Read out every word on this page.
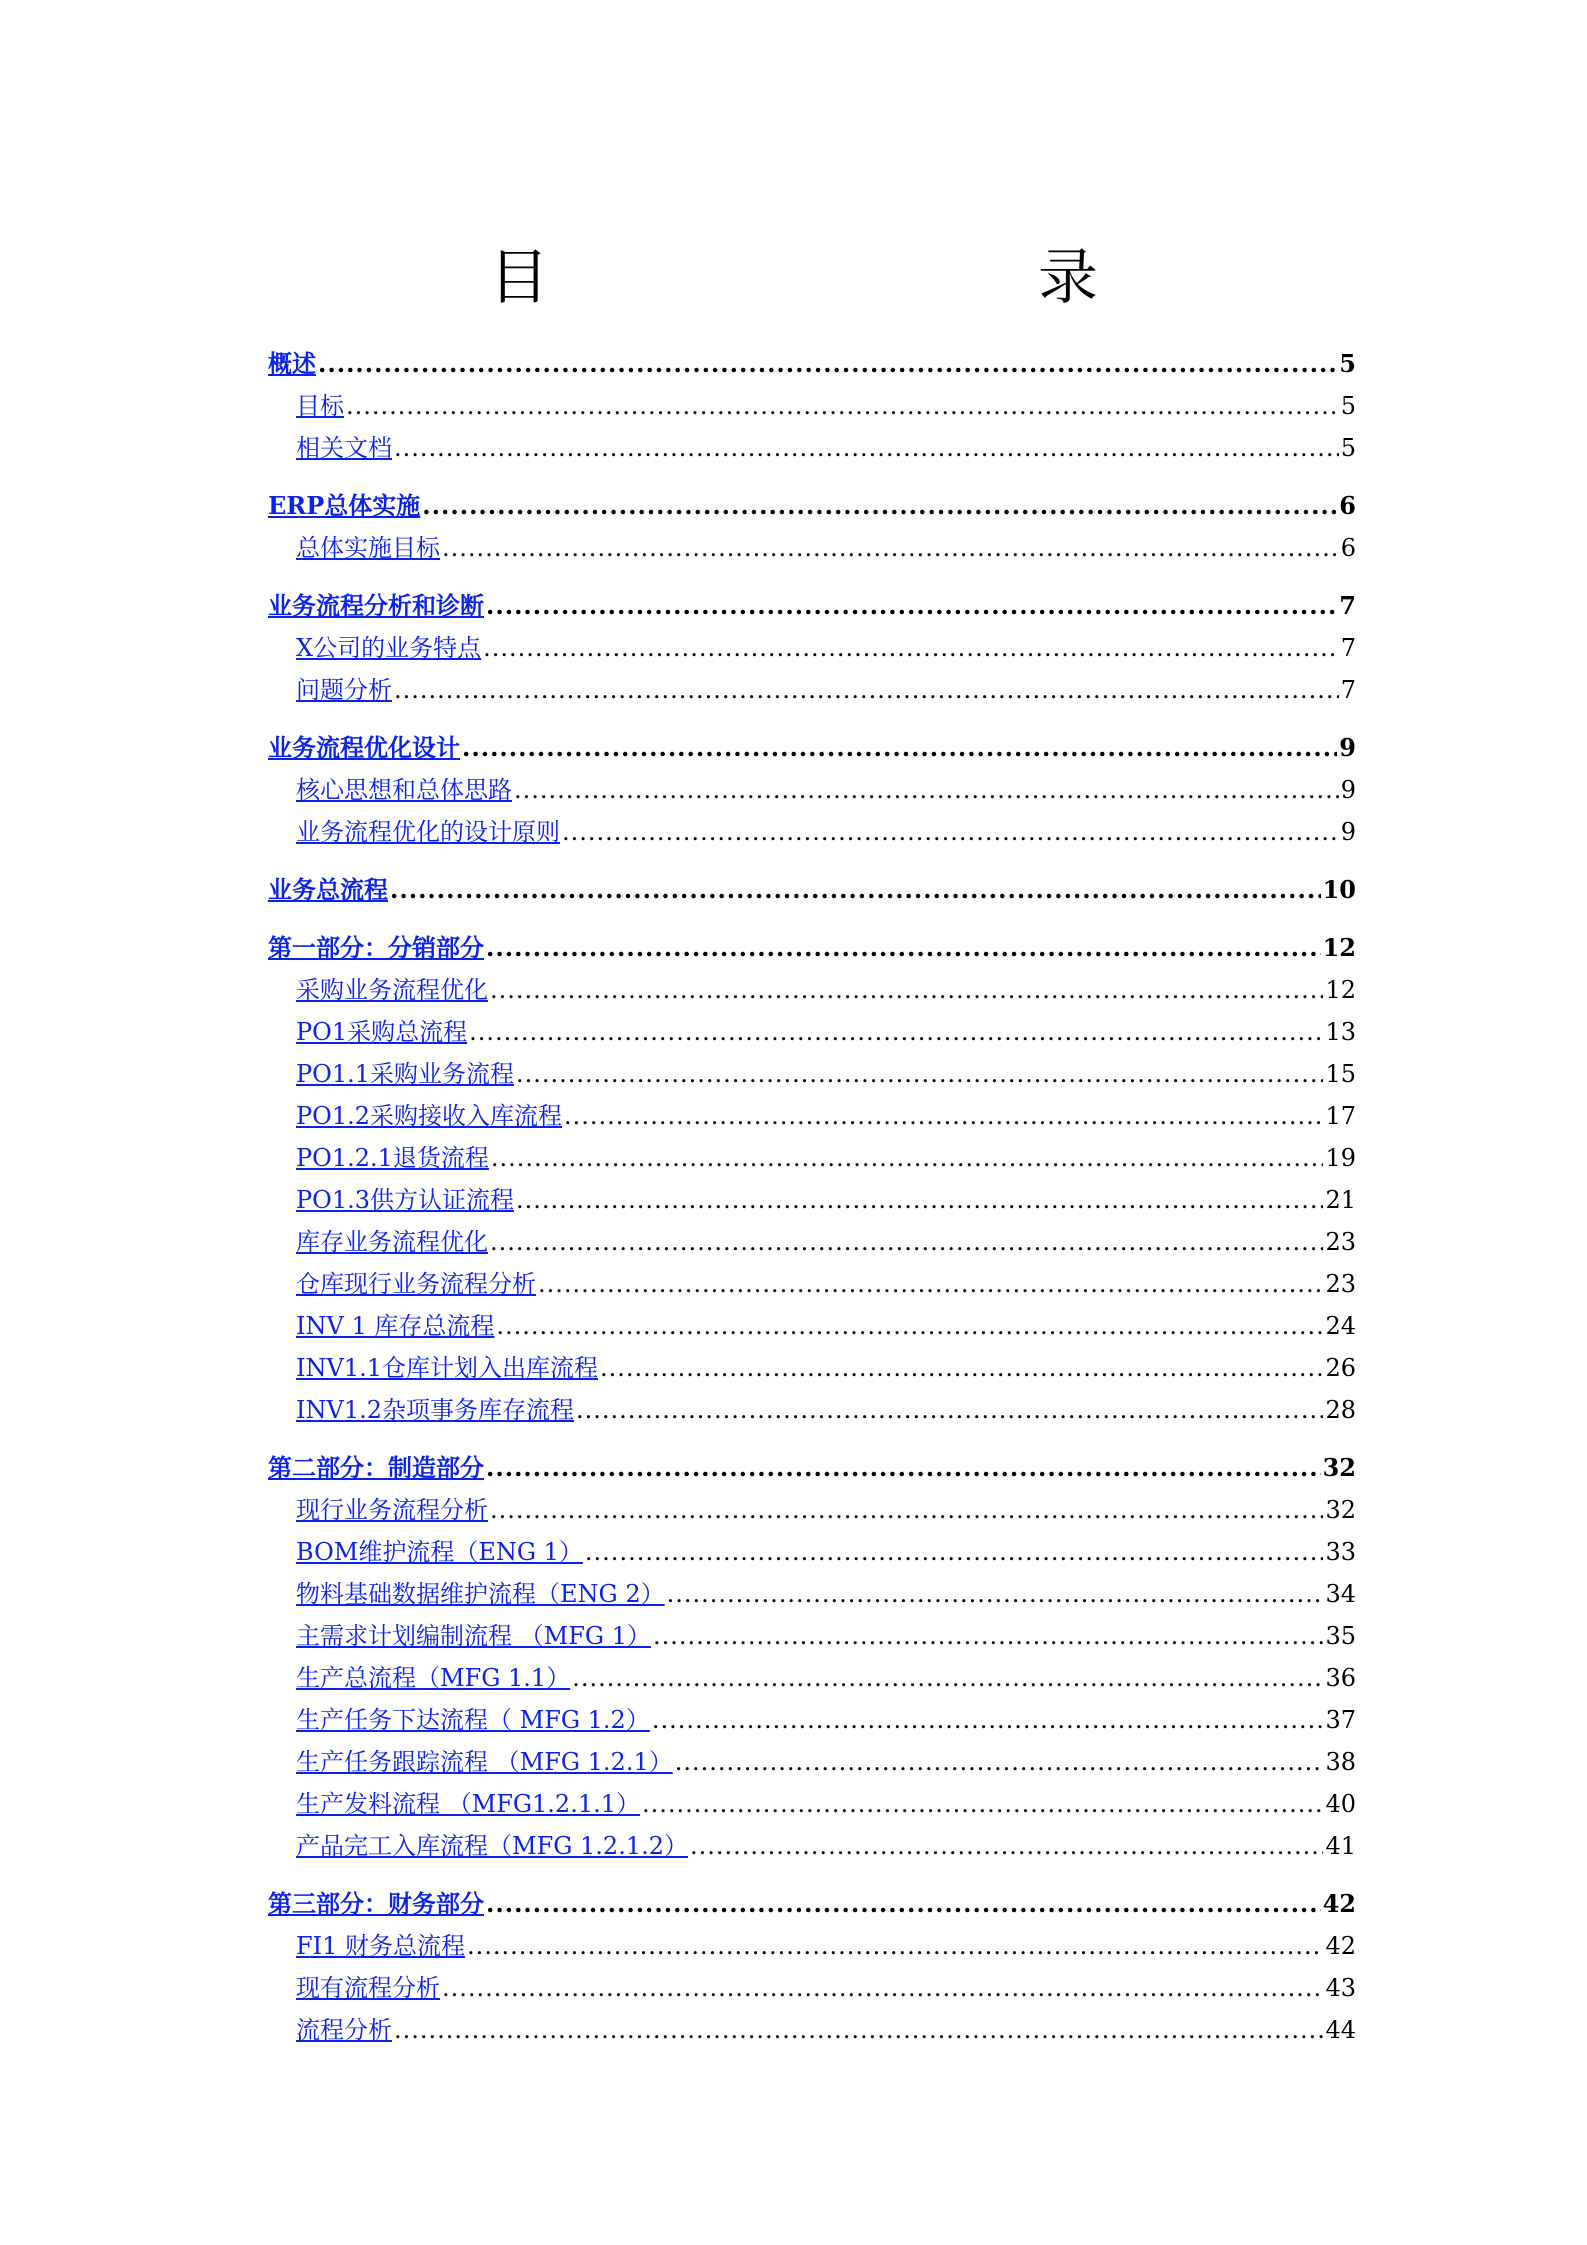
目 录
概述 .....	5
目标 .....	5
相关文档 .....	5
ERP总体实施 .....	6
总体实施目标 .....	6
业务流程分析和诊断 .....	7
X公司的业务特点 .....	7
问题分析 .....	7
业务流程优化设计 .....	9
核心思想和总体思路 .....	9
业务流程优化的设计原则 .....	9
业务总流程 .....	10
第一部分：分销部分 .....	12
采购业务流程优化 .....	12
PO1采购总流程 .....	13
PO1.1采购业务流程 .....	15
PO1.2采购接收入库流程 .....	17
PO1.2.1退货流程 .....	19
PO1.3供方认证流程 .....	21
库存业务流程优化 .....	23
仓库现行业务流程分析 .....	23
INV 1 库存总流程 .....	24
INV1.1仓库计划入出库流程 .....	26
INV1.2杂项事务库存流程 .....	28
第二部分：制造部分 .....	32
现行业务流程分析 .....	32
BOM维护流程（ENG 1） .....	33
物料基础数据维护流程（ENG 2） .....	34
主需求计划编制流程 （MFG 1） .....	35
生产总流程（MFG 1.1） .....	36
生产任务下达流程（ MFG 1.2） .....	37
生产任务跟踪流程 （MFG 1.2.1） .....	38
生产发料流程 （MFG1.2.1.1） .....	40
产品完工入库流程（MFG 1.2.1.2） .....	41
第三部分：财务部分 .....	42
FI1 财务总流程 .....	42
现有流程分析 .....	43
流程分析 .....	44
